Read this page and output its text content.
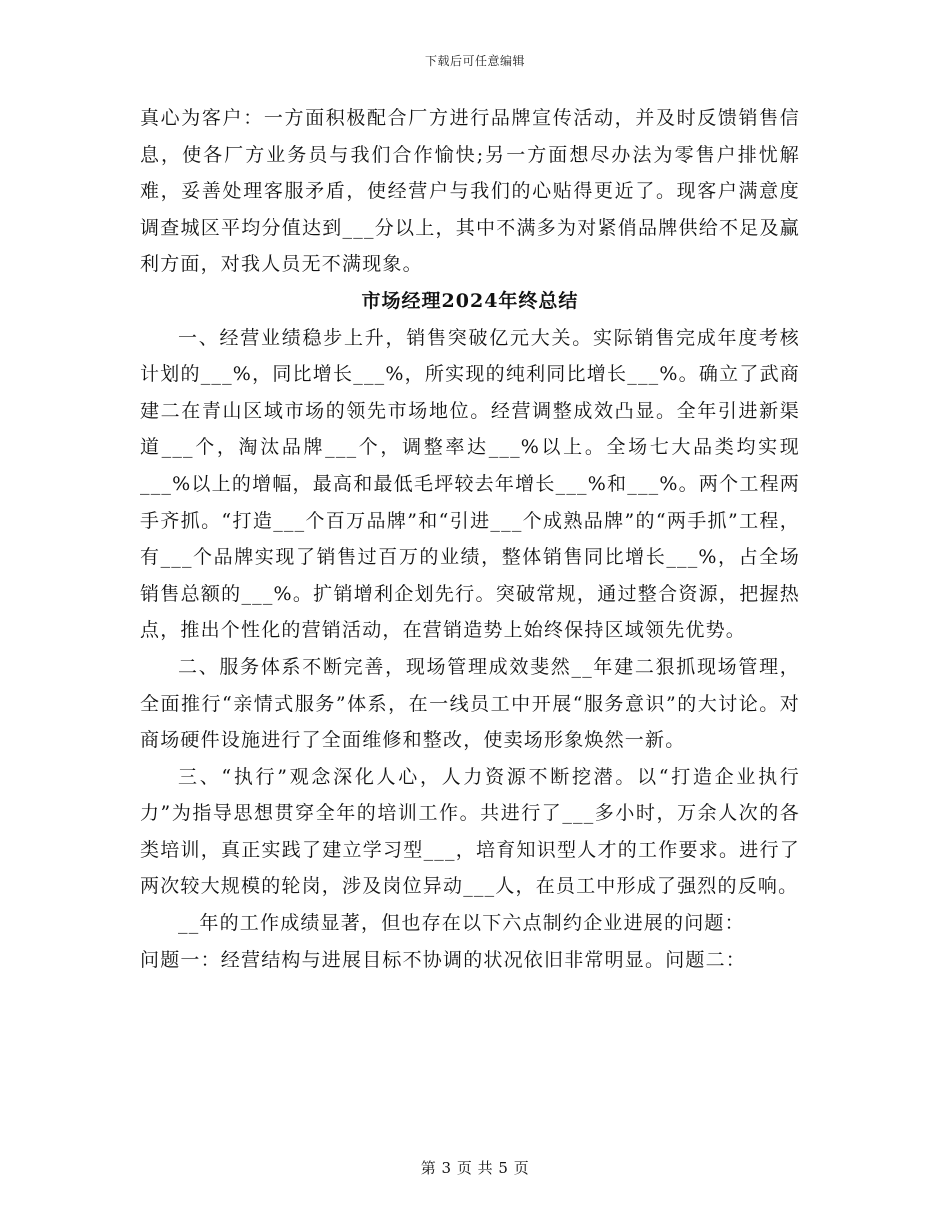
下载后可任意编辑

真心为客户：一方面积极配合厂方进行品牌宣传活动，并及时反馈销售信息，使各厂方业务员与我们合作愉快;另一方面想尽办法为零售户排忧解难，妥善处理客服矛盾，使经营户与我们的心贴得更近了。现客户满意度调查城区平均分值达到___分以上，其中不满多为对紧俏品牌供给不足及赢利方面，对我人员无不满现象。

市场经理2024年终总结

一、经营业绩稳步上升，销售突破亿元大关。实际销售完成年度考核计划的___%，同比增长___%，所实现的纯利同比增长___%。确立了武商建二在青山区域市场的领先市场地位。经营调整成效凸显。全年引进新渠道___个，淘汰品牌___个，调整率达___%以上。全场七大品类均实现___%以上的增幅，最高和最低毛坪较去年增长___%和___%。两个工程两手齐抓。“打造___个百万品牌”和“引进___个成熟品牌”的“两手抓”工程，有___个品牌实现了销售过百万的业绩，整体销售同比增长___%，占全场销售总额的___%。扩销增利企划先行。突破常规，通过整合资源，把握热点，推出个性化的营销活动，在营销造势上始终保持区域领先优势。

二、服务体系不断完善，现场管理成效斐然__年建二狠抓现场管理，全面推行“亲情式服务”体系，在一线员工中开展“服务意识”的大讨论。对商场硬件设施进行了全面维修和整改，使卖场形象焕然一新。

三、“执行”观念深化人心，人力资源不断挖潜。以“打造企业执行力”为指导思想贯穿全年的培训工作。共进行了___多小时，万余人次的各类培训，真正实践了建立学习型___，培育知识型人才的工作要求。进行了两次较大规模的轮岗，涉及岗位异动___人，在员工中形成了强烈的反响。

__年的工作成绩显著，但也存在以下六点制约企业进展的问题：

问题一：经营结构与进展目标不协调的状况依旧非常明显。问题二：

第 3 页 共 5 页
